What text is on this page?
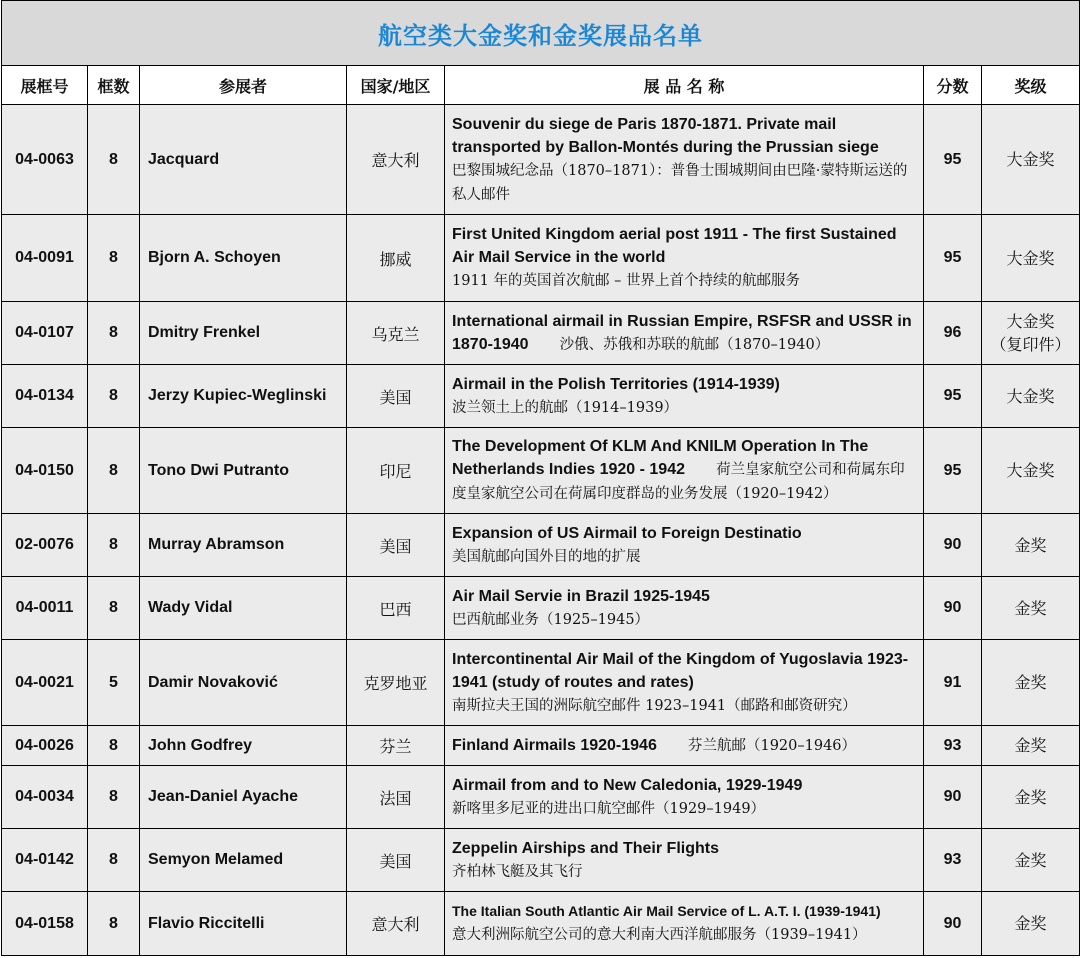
航空类大金奖和金奖展品名单						
展框号	框数	参展者	国家/地区	展 品 名 称	分数	奖级
04-0063	8	Jacquard	意大利	Souvenir du siege de Paris 1870-1871. Private mail transported by Ballon-Montés during the Prussian siege
巴黎围城纪念品（1870–1871）：普鲁士围城期间由巴隆·蒙特斯运送的私人邮件	95	大金奖

04-0091	8	Bjorn A. Schoyen	挪威	First United Kingdom aerial post 1911 - The first Sustained Air Mail Service in the world
1911 年的英国首次航邮 – 世界上首个持续的航邮服务	95	大金奖

04-0107	8	Dmitry Frenkel	乌克兰	International airmail in Russian Empire, RSFSR and USSR in 1870-1940 沙俄、苏俄和苏联的航邮（1870–1940）	96	大金奖
（复印件）

04-0134	8	Jerzy Kupiec-Weglinski	美国	Airmail in the Polish Territories (1914-1939)
波兰领土上的航邮（1914–1939）	95	大金奖

04-0150	8	Tono Dwi Putranto	印尼	The Development Of KLM And KNILM Operation In The Netherlands Indies 1920 - 1942 荷兰皇家航空公司和荷属东印度皇家航空公司在荷属印度群岛的业务发展（1920–1942）	95	大金奖

02-0076	8	Murray Abramson	美国	Expansion of US Airmail to Foreign Destinatio
美国航邮向国外目的地的扩展	90	金奖

04-0011	8	Wady Vidal	巴西	Air Mail Servie in Brazil 1925-1945
巴西航邮业务（1925–1945）	90	金奖

04-0021	5	Damir Novaković	克罗地亚	Intercontinental Air Mail of the Kingdom of Yugoslavia 1923-1941 (study of routes and rates)
南斯拉夫王国的洲际航空邮件 1923–1941（邮路和邮资研究）	91	金奖

04-0026	8	John Godfrey	芬兰	Finland Airmails 1920-1946 芬兰航邮（1920–1946）	93	金奖

04-0034	8	Jean-Daniel Ayache	法国	Airmail from and to New Caledonia, 1929-1949
新喀里多尼亚的进出口航空邮件（1929–1949）	90	金奖

04-0142	8	Semyon Melamed	美国	Zeppelin Airships and Their Flights
齐柏林飞艇及其飞行	93	金奖

04-0158	8	Flavio Riccitelli	意大利	The Italian South Atlantic Air Mail Service of L. A.T. I. (1939-1941)
意大利洲际航空公司的意大利南大西洋航邮服务（1939–1941）	90	金奖
